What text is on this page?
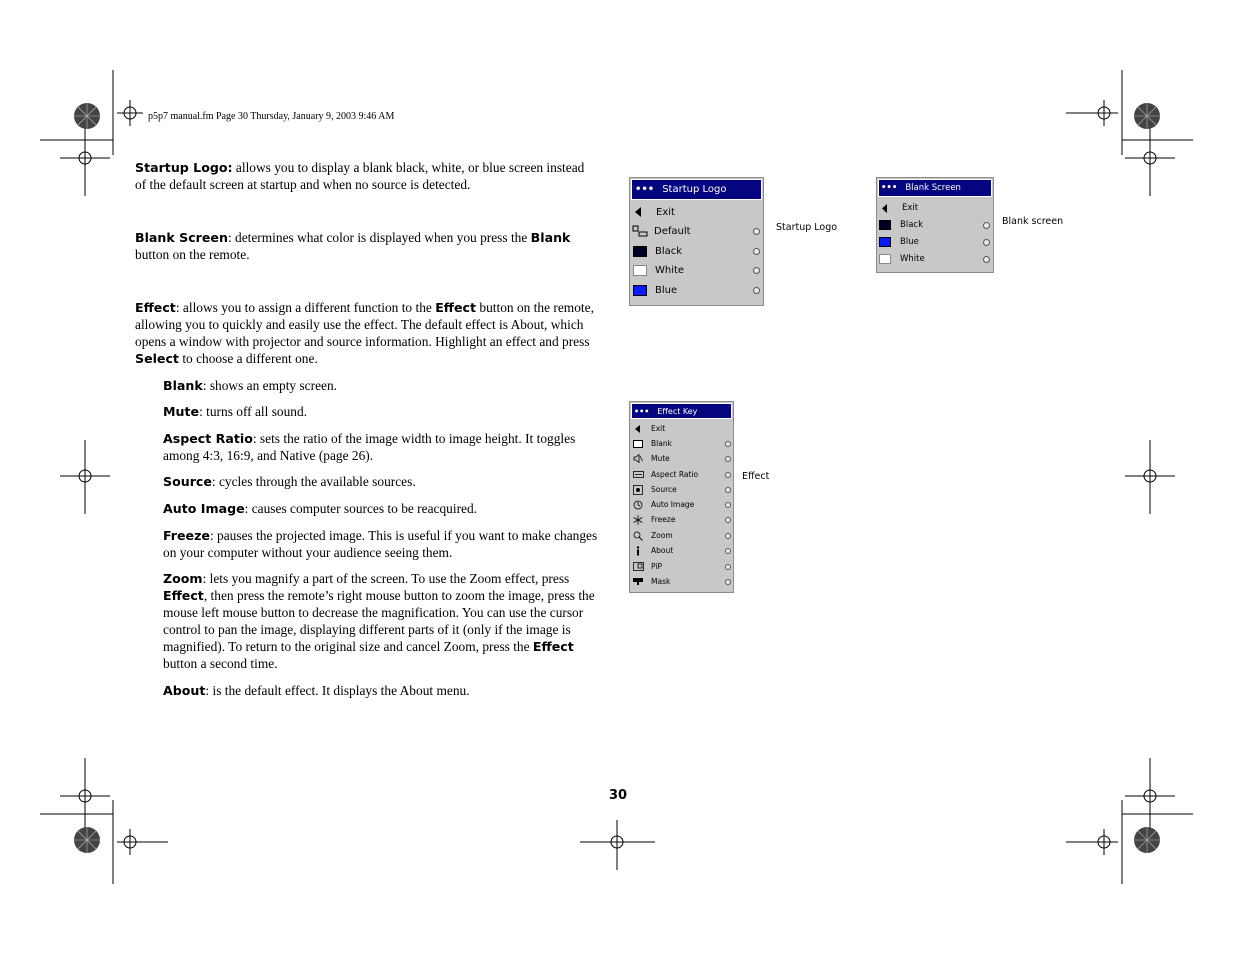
p5p7 manual.fm Page 30 Thursday, January 9, 2003 9:46 AM
Startup Logo: allows you to display a blank black, white, or blue screen instead of the default screen at startup and when no source is detected.
Blank Screen: determines what color is displayed when you press the Blank button on the remote.
Effect: allows you to assign a different function to the Effect button on the remote, allowing you to quickly and easily use the effect. The default effect is About, which opens a window with projector and source information. Highlight an effect and press Select to choose a different one.
Blank: shows an empty screen.
Mute: turns off all sound.
Aspect Ratio: sets the ratio of the image width to image height. It toggles among 4:3, 16:9, and Native (page 26).
Source: cycles through the available sources.
Auto Image: causes computer sources to be reacquired.
Freeze: pauses the projected image. This is useful if you want to make changes on your computer without your audience seeing them.
Zoom: lets you magnify a part of the screen. To use the Zoom effect, press Effect, then press the remote’s right mouse button to zoom the image, press the mouse left mouse button to decrease the magnification. You can use the cursor control to pan the image, displaying different parts of it (only if the image is magnified). To return to the original size and cancel Zoom, press the Effect button a second time.
About: is the default effect. It displays the About menu.
30
••• Startup Logo
Exit
Default
Black
White
Blue
Startup Logo
••• Blank Screen
Exit
Black
Blue
White
Blank screen
••• Effect Key
Exit
Blank
Mute
Aspect Ratio
Source
Auto Image
Freeze
Zoom
About
PiP
Mask
Effect
